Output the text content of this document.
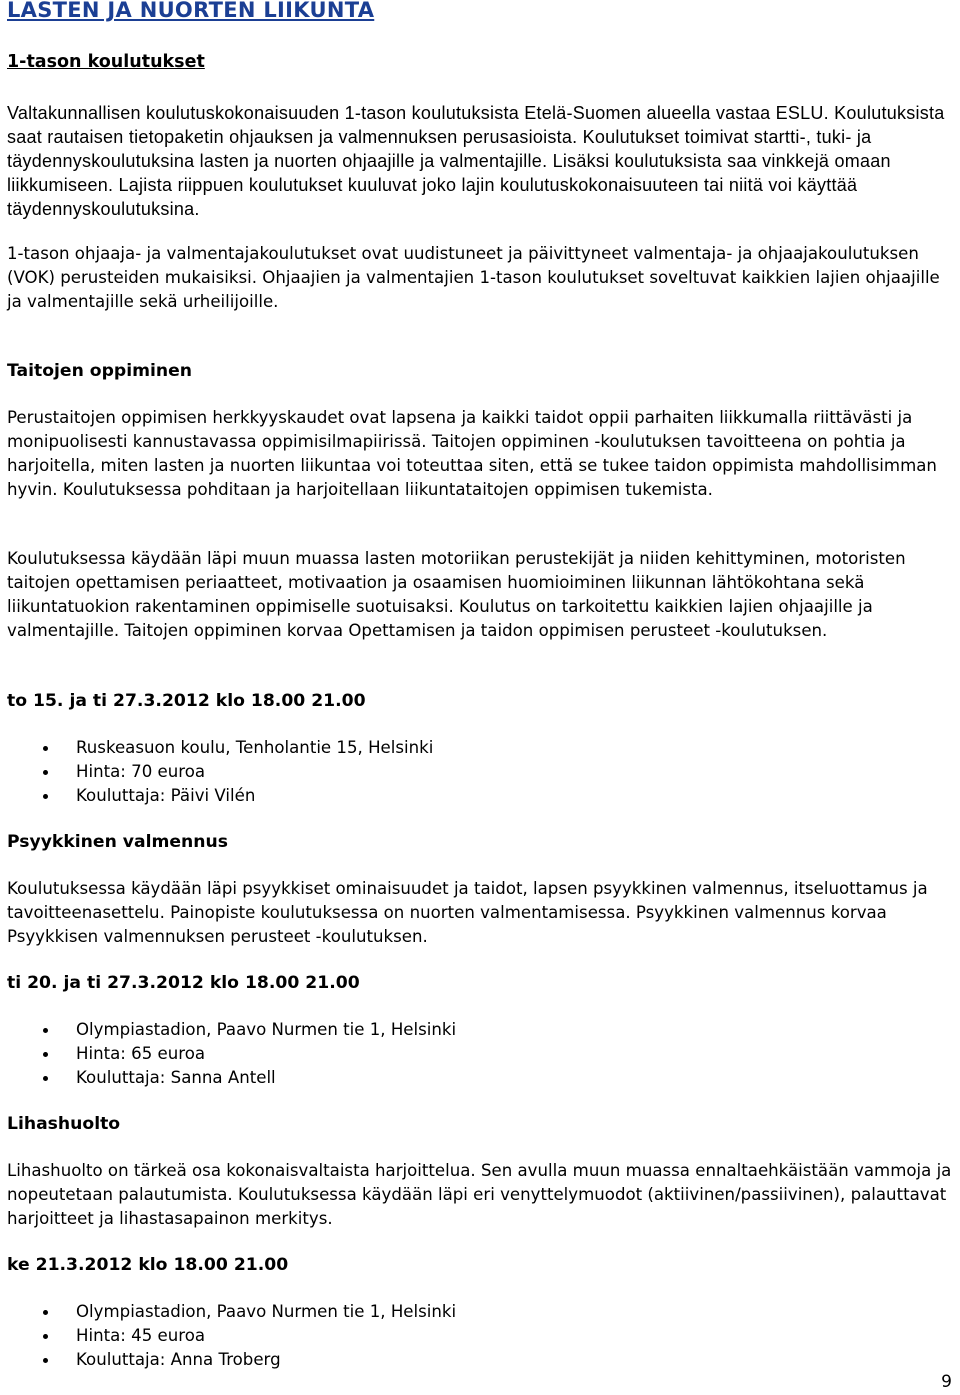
LASTEN JA NUORTEN LIIKUNTA
1-tason koulutukset

Valtakunnallisen koulutuskokonaisuuden 1-tason koulutuksista Etelä-Suomen alueella vastaa ESLU. Koulutuksista saat rautaisen tietopaketin ohjauksen ja valmennuksen perusasioista. Koulutukset toimivat startti-, tuki- ja täydennyskoulutuksina lasten ja nuorten ohjaajille ja valmentajille. Lisäksi koulutuksista saa vinkkejä omaan liikkumiseen. Lajista riippuen koulutukset kuuluvat joko lajin koulutuskokonaisuuteen tai niitä voi käyttää täydennyskoulutuksina.

1-tason ohjaaja- ja valmentajakoulutukset ovat uudistuneet ja päivittyneet valmentaja- ja ohjaajakoulutuksen (VOK) perusteiden mukaisiksi. Ohjaajien ja valmentajien 1-tason koulutukset soveltuvat kaikkien lajien ohjaajille ja valmentajille sekä urheilijoille.

Taitojen oppiminen

Perustaitojen oppimisen herkkyyskaudet ovat lapsena ja kaikki taidot oppii parhaiten liikkumalla riittävästi ja monipuolisesti kannustavassa oppimisilmapiirissä. Taitojen oppiminen -koulutuksen tavoitteena on pohtia ja harjoitella, miten lasten ja nuorten liikuntaa voi toteuttaa siten, että se tukee taidon oppimista mahdollisimman hyvin. Koulutuksessa pohditaan ja harjoitellaan liikuntataitojen oppimisen tukemista.

Koulutuksessa käydään läpi muun muassa lasten motoriikan perustekijät ja niiden kehittyminen, motoristen taitojen opettamisen periaatteet, motivaation ja osaamisen huomioiminen liikunnan lähtökohtana sekä liikuntatuokion rakentaminen oppimiselle suotuisaksi. Koulutus on tarkoitettu kaikkien lajien ohjaajille ja valmentajille. Taitojen oppiminen korvaa Opettamisen ja taidon oppimisen perusteet -koulutuksen.

to 15. ja ti 27.3.2012 klo 18.00 21.00

Ruskeasuon koulu, Tenholantie 15, Helsinki
Hinta: 70 euroa
Kouluttaja: Päivi Vilén
Psyykkinen valmennus

Koulutuksessa käydään läpi psyykkiset ominaisuudet ja taidot, lapsen psyykkinen valmennus, itseluottamus ja tavoitteenasettelu. Painopiste koulutuksessa on nuorten valmentamisessa. Psyykkinen valmennus korvaa Psyykkisen valmennuksen perusteet -koulutuksen.

ti 20. ja ti 27.3.2012 klo 18.00 21.00

Olympiastadion, Paavo Nurmen tie 1, Helsinki
Hinta: 65 euroa
Kouluttaja: Sanna Antell
Lihashuolto

Lihashuolto on tärkeä osa kokonaisvaltaista harjoittelua. Sen avulla muun muassa ennaltaehkäistään vammoja ja nopeutetaan palautumista. Koulutuksessa käydään läpi eri venyttelymuodot (aktiivinen/passiivinen), palauttavat harjoitteet ja lihastasapainon merkitys.

ke 21.3.2012 klo 18.00 21.00

Olympiastadion, Paavo Nurmen tie 1, Helsinki
Hinta: 45 euroa
Kouluttaja: Anna Troberg

9
